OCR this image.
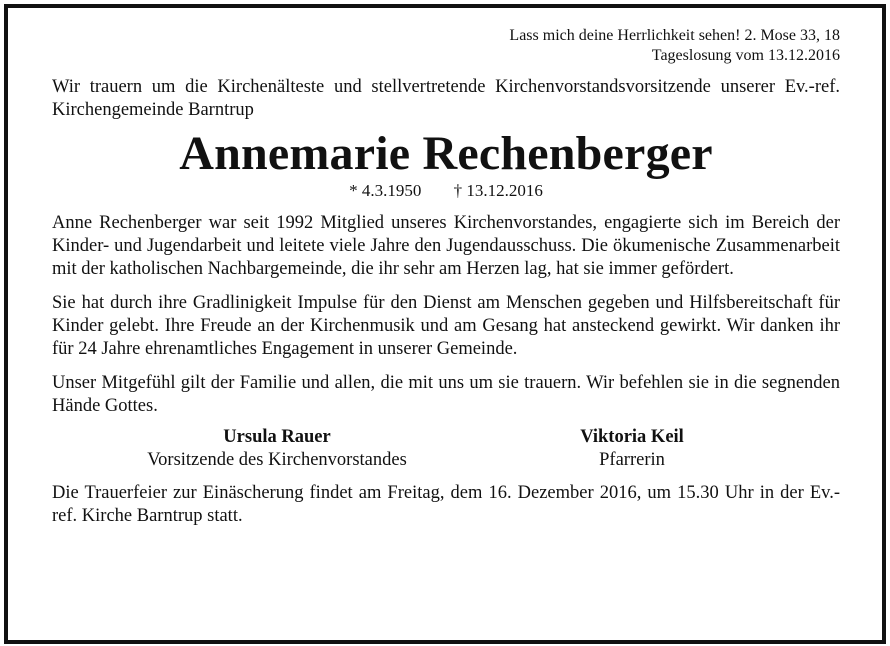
Lass mich deine Herrlichkeit sehen! 2. Mose 33, 18
Tageslosung vom 13.12.2016

Wir trauern um die Kirchenälteste und stellvertretende Kirchenvorstandsvorsitzende unserer Ev.-ref. Kirchengemeinde Barntrup

Annemarie Rechenberger
* 4.3.1950 † 13.12.2016

Anne Rechenberger war seit 1992 Mitglied unseres Kirchenvorstandes, engagierte sich im Bereich der Kinder- und Jugendarbeit und leitete viele Jahre den Jugendausschuss. Die ökumenische Zusammenarbeit mit der katholischen Nachbargemeinde, die ihr sehr am Herzen lag, hat sie immer gefördert.

Sie hat durch ihre Gradlinigkeit Impulse für den Dienst am Menschen gegeben und Hilfsbereitschaft für Kinder gelebt. Ihre Freude an der Kirchenmusik und am Gesang hat ansteckend gewirkt. Wir danken ihr für 24 Jahre ehrenamtliches Engagement in unserer Gemeinde.

Unser Mitgefühl gilt der Familie und allen, die mit uns um sie trauern. Wir befehlen sie in die segnenden Hände Gottes.

Ursula Rauer
Vorsitzende des Kirchenvorstandes
Viktoria Keil
Pfarrerin

Die Trauerfeier zur Einäscherung findet am Freitag, dem 16. Dezember 2016, um 15.30 Uhr in der Ev.-ref. Kirche Barntrup statt.
